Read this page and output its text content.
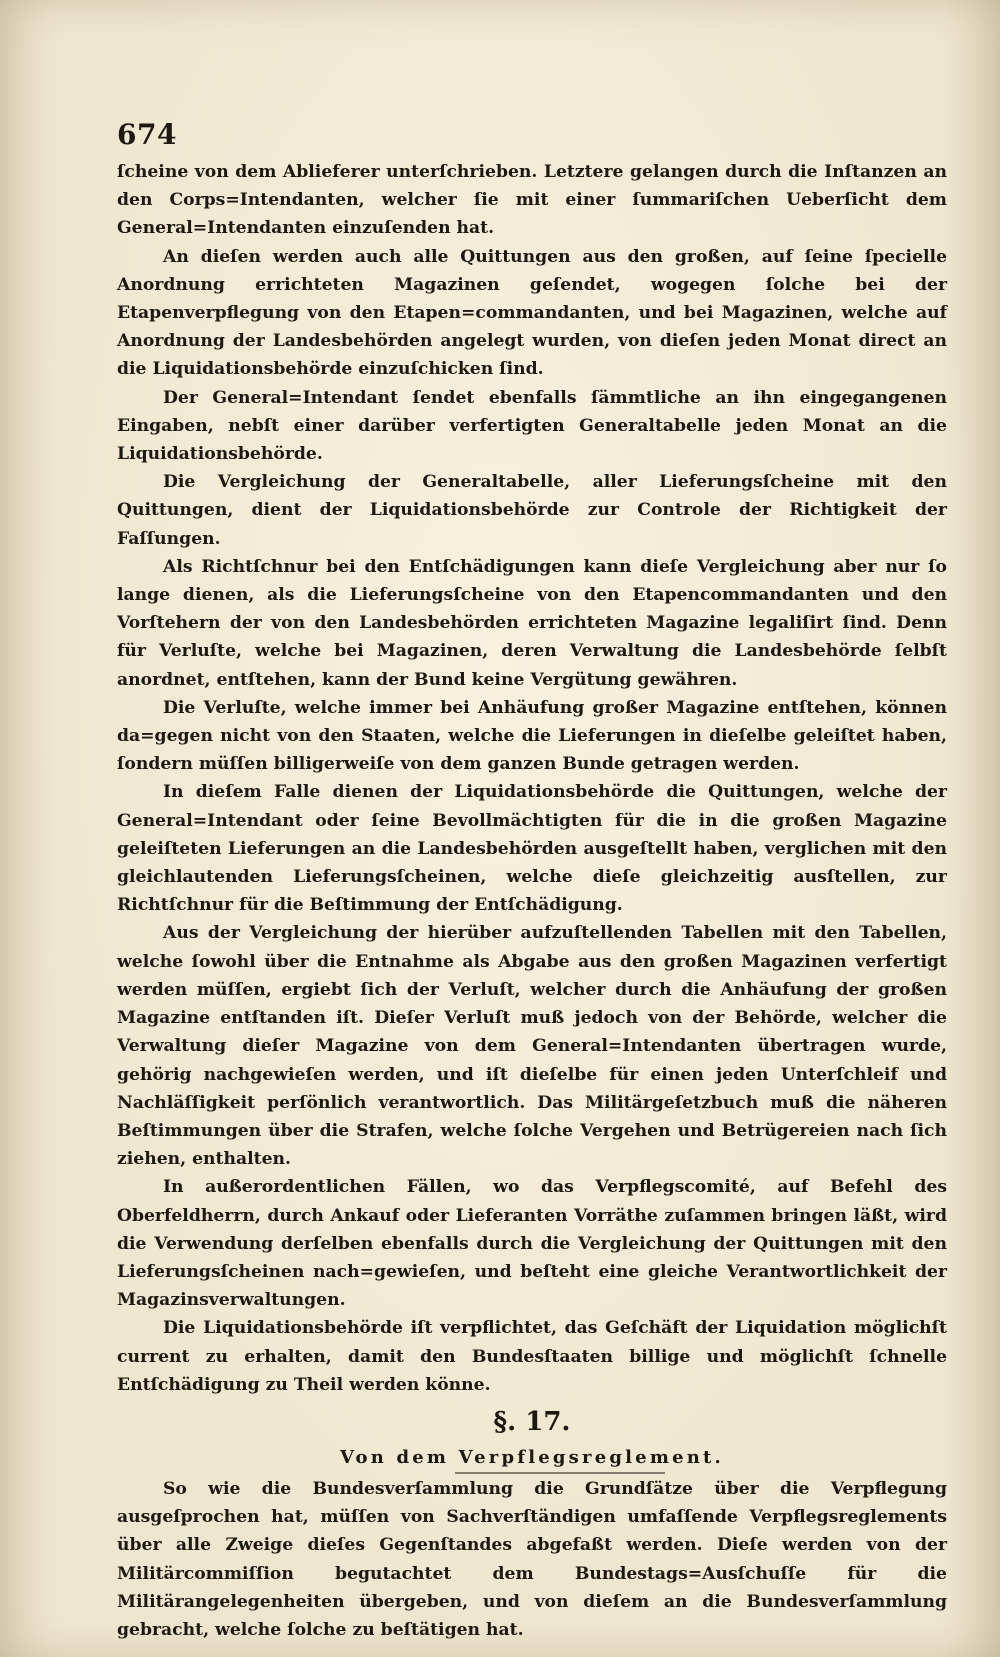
674

ſcheine von dem Ablieferer unterſchrieben. Letztere gelangen durch die Inſtanzen an den Corps=Intendanten, welcher ſie mit einer ſummariſchen Ueberſicht dem General=Intendanten einzuſenden hat.

An dieſen werden auch alle Quittungen aus den großen, auf ſeine ſpecielle Anordnung errichteten Magazinen geſendet, wogegen ſolche bei der Etapenverpflegung von den Etapen=commandanten, und bei Magazinen, welche auf Anordnung der Landesbehörden angelegt wurden, von dieſen jeden Monat direct an die Liquidationsbehörde einzuſchicken ſind.

Der General=Intendant ſendet ebenfalls ſämmtliche an ihn eingegangenen Eingaben, nebſt einer darüber verfertigten Generaltabelle jeden Monat an die Liquidationsbehörde.

Die Vergleichung der Generaltabelle, aller Lieferungsſcheine mit den Quittungen, dient der Liquidationsbehörde zur Controle der Richtigkeit der Faſſungen.

Als Richtſchnur bei den Entſchädigungen kann dieſe Vergleichung aber nur ſo lange dienen, als die Lieferungsſcheine von den Etapencommandanten und den Vorſtehern der von den Landesbehörden errichteten Magazine legaliſirt ſind. Denn für Verluſte, welche bei Magazinen, deren Verwaltung die Landesbehörde ſelbſt anordnet, entſtehen, kann der Bund keine Vergütung gewähren.

Die Verluſte, welche immer bei Anhäufung großer Magazine entſtehen, können da=gegen nicht von den Staaten, welche die Lieferungen in dieſelbe geleiſtet haben, ſondern müſſen billigerweiſe von dem ganzen Bunde getragen werden.

In dieſem Falle dienen der Liquidationsbehörde die Quittungen, welche der General=Intendant oder ſeine Bevollmächtigten für die in die großen Magazine geleiſteten Lieferungen an die Landesbehörden ausgeſtellt haben, verglichen mit den gleichlautenden Lieferungsſcheinen, welche dieſe gleichzeitig ausſtellen, zur Richtſchnur für die Beſtimmung der Entſchädigung.

Aus der Vergleichung der hierüber aufzuſtellenden Tabellen mit den Tabellen, welche ſowohl über die Entnahme als Abgabe aus den großen Magazinen verfertigt werden müſſen, ergiebt ſich der Verluſt, welcher durch die Anhäufung der großen Magazine entſtanden iſt. Dieſer Verluſt muß jedoch von der Behörde, welcher die Verwaltung dieſer Magazine von dem General=Intendanten übertragen wurde, gehörig nachgewieſen werden, und iſt dieſelbe für einen jeden Unterſchleif und Nachläſſigkeit perſönlich verantwortlich. Das Militärgeſetzbuch muß die näheren Beſtimmungen über die Strafen, welche ſolche Vergehen und Betrügereien nach ſich ziehen, enthalten.

In außerordentlichen Fällen, wo das Verpflegscomité, auf Befehl des Oberfeldherrn, durch Ankauf oder Lieferanten Vorräthe zuſammen bringen läßt, wird die Verwendung derſelben ebenfalls durch die Vergleichung der Quittungen mit den Lieferungsſcheinen nach=gewieſen, und beſteht eine gleiche Verantwortlichkeit der Magazinsverwaltungen.

Die Liquidationsbehörde iſt verpflichtet, das Geſchäft der Liquidation möglichſt current zu erhalten, damit den Bundesſtaaten billige und möglichſt ſchnelle Entſchädigung zu Theil werden könne.

§. 17.
Von dem Verpflegsreglement.

So wie die Bundesverſammlung die Grundſätze über die Verpflegung ausgeſprochen hat, müſſen von Sachverſtändigen umfaſſende Verpflegsreglements über alle Zweige dieſes Gegenſtandes abgefaßt werden. Dieſe werden von der Militärcommiſſion begutachtet dem Bundestags=Ausſchuſſe für die Militärangelegenheiten übergeben, und von dieſem an die Bundesverſammlung gebracht, welche ſolche zu beſtätigen hat.
